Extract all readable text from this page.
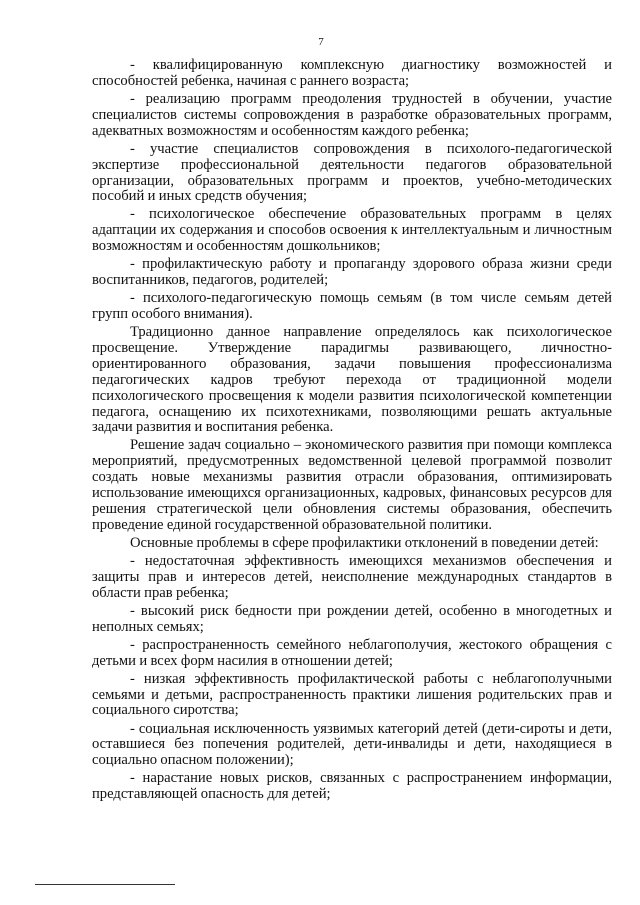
7

- квалифицированную комплексную диагностику возможностей и способностей ребенка, начиная с раннего возраста;

- реализацию программ преодоления трудностей в обучении, участие специалистов системы сопровождения в разработке образовательных программ, адекватных возможностям и особенностям каждого ребенка;

- участие специалистов сопровождения в психолого-педагогической экспертизе профессиональной деятельности педагогов образовательной организации, образовательных программ и проектов, учебно-методических пособий и иных средств обучения;

- психологическое обеспечение образовательных программ в целях адаптации их содержания и способов освоения к интеллектуальным и личностным возможностям и особенностям дошкольников;

- профилактическую работу и пропаганду здорового образа жизни среди воспитанников, педагогов, родителей;

- психолого-педагогическую помощь семьям (в том числе семьям детей групп особого внимания).

Традиционно данное направление определялось как психологическое просвещение. Утверждение парадигмы развивающего, личностно-ориентированного образования, задачи повышения профессионализма педагогических кадров требуют перехода от традиционной модели психологического просвещения к модели развития психологической компетенции педагога, оснащению их психотехниками, позволяющими решать актуальные задачи развития и воспитания ребенка.

Решение задач социально – экономического развития при помощи комплекса мероприятий, предусмотренных ведомственной целевой программой позволит создать новые механизмы развития отрасли образования, оптимизировать использование имеющихся организационных, кадровых, финансовых ресурсов для решения стратегической цели обновления системы образования, обеспечить проведение единой государственной образовательной политики.

Основные проблемы в сфере профилактики отклонений в поведении детей:

- недостаточная эффективность имеющихся механизмов обеспечения и защиты прав и интересов детей, неисполнение международных стандартов в области прав ребенка;

- высокий риск бедности при рождении детей, особенно в многодетных и неполных семьях;

- распространенность семейного неблагополучия, жестокого обращения с детьми и всех форм насилия в отношении детей;

- низкая эффективность профилактической работы с неблагополучными семьями и детьми, распространенность практики лишения родительских прав и социального сиротства;

- социальная исключенность уязвимых категорий детей (дети-сироты и дети, оставшиеся без попечения родителей, дети-инвалиды и дети, находящиеся в социально опасном положении);

- нарастание новых рисков, связанных с распространением информации, представляющей опасность для детей;
